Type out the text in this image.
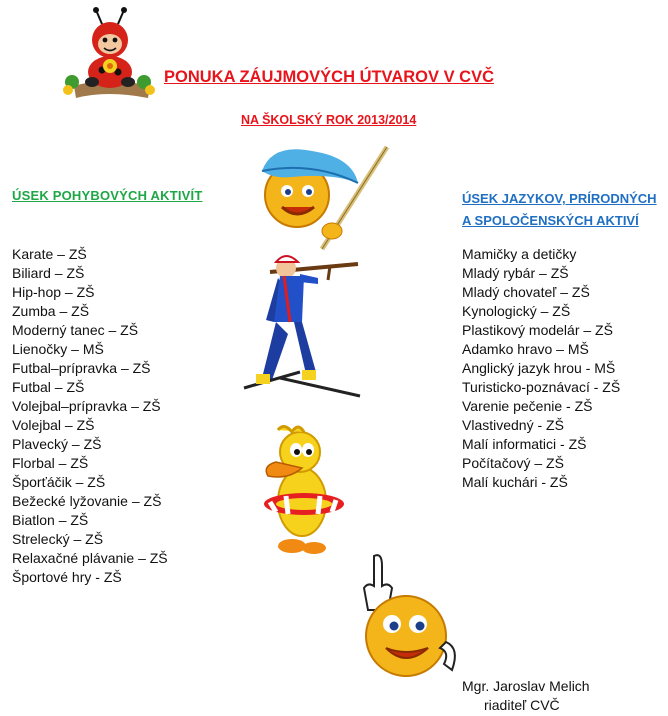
PONUKA ZÁUJMOVÝCH ÚTVAROV V CVČ
NA ŠKOLSKÝ ROK 2013/2014
ÚSEK POHYBOVÝCH AKTIVÍT
Karate – ZŠ
Biliard – ZŠ
Hip-hop – ZŠ
Zumba – ZŠ
Moderný tanec – ZŠ
Lienočky – MŠ
Futbal–prípravka – ZŠ
Futbal – ZŠ
Volejbal–prípravka – ZŠ
Volejbal – ZŠ
Plavecký – ZŠ
Florbal – ZŠ
Šporťáčik – ZŠ
Bežecké lyžovanie – ZŠ
Biatlon – ZŠ
Strelecký – ZŠ
Relaxačné plávanie – ZŠ
Športové hry - ZŠ
ÚSEK JAZYKOV, PRÍRODNÝCH
A SPOLOČENSKÝCH AKTIVÍ
Mamičky a detičky
Mladý rybár – ZŠ
Mladý chovateľ – ZŠ
Kynologický – ZŠ
Plastikový modelár – ZŠ
Adamko hravo – MŠ
Anglický jazyk hrou - MŠ
Turisticko-poznávací - ZŠ
Varenie pečenie - ZŠ
Vlastivedný - ZŠ
Malí informatici - ZŠ
Počítačový – ZŠ
Malí kuchári - ZŠ
Mgr. Jaroslav Melich
riaditeľ CVČ
